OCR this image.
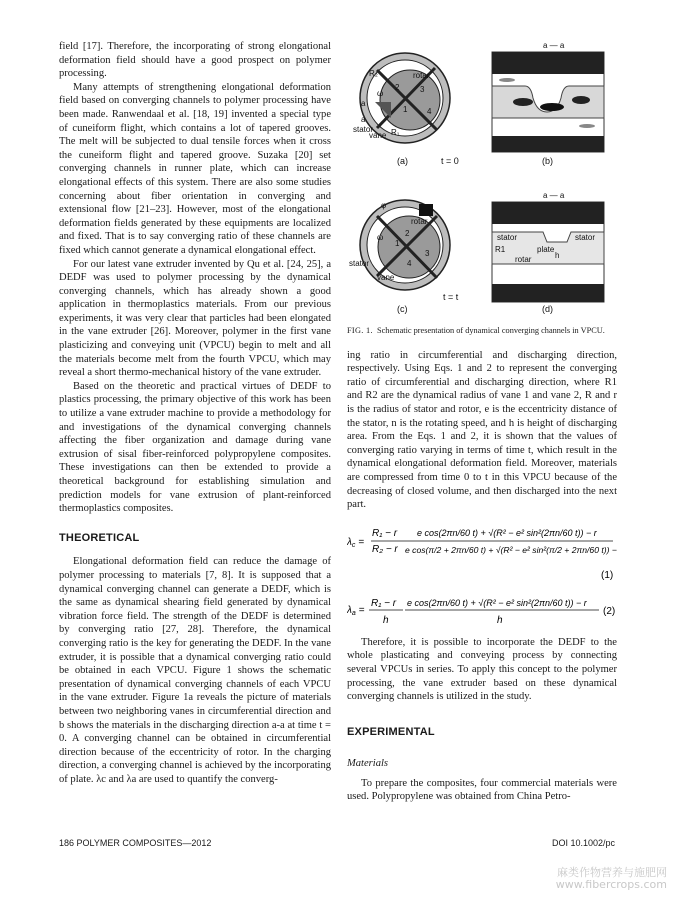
field [17]. Therefore, the incorporating of strong elongational deformation field should have a good prospect on polymer processing.

Many attempts of strengthening elongational deformation field based on converging channels to polymer processing have been made. Ranwendaal et al. [18, 19] invented a special type of cuneiform flight, which contains a lot of tapered grooves. The melt will be subjected to dual tensile forces when it cross the cuneiform flight and tapered groove. Suzaka [20] set converging channels in runner plate, which can increase elongational effects of this system. There are also some studies concerning about fiber orientation in converging and extensional flow [21–23]. However, most of the elongational deformation fields generated by these equipments are localized and fixed. That is to say converging ratio of these channels are fixed which cannot generate a dynamical elongational effect.

For our latest vane extruder invented by Qu et al. [24, 25], a DEDF was used to polymer processing by the dynamical converging channels, which has already shown a good application in thermoplastics materials. From our previous experiments, it was very clear that particles had been elongated in the vane extruder [26]. Moreover, polymer in the first vane plasticizing and conveying unit (VPCU) begin to melt and all the materials become melt from the fourth VPCU, which may reveal a short thermo-mechanical history of the vane extruder.

Based on the theoretic and practical virtues of DEDF to plastics processing, the primary objective of this work has been to utilize a vane extruder machine to provide a methodology for and investigations of the dynamical converging channels affecting the fiber organization and damage during vane extrusion of sisal fiber-reinforced polypropylene composites. These investigations can then be extended to provide a theoretical background for establishing simulation and prediction models for vane extrusion of plant-reinforced thermoplastics composites.

THEORETICAL

Elongational deformation field can reduce the damage of polymer processing to materials [7, 8]. It is supposed that a dynamical converging channel can generate a DEDF, which is the same as dynamical shearing field generated by dynamical vibration force field. The strength of the DEDF is determined by converging ratio [27, 28]. Therefore, the dynamical converging ratio is the key for generating the DEDF. In the vane extruder, it is possible that a dynamical converging ratio could be obtained in each VPCU. Figure 1 shows the schematic presentation of dynamical converging channels of each VPCU in the vane extruder. Figure 1a reveals the picture of materials between two neighboring vanes in circumferential direction and b shows the materials in the discharging direction a-a at time t = 0. A converging channel can be obtained in circumferential direction because of the eccentricity of rotor. In the charging direction, a converging channel is achieved by the incorporating of plate. λc and λa are used to quantify the converg-

2	3
1 4
rotar
R₂
ω
a
a
stator
vane R₁
(a)	t = 0
a — a
(b)
φ
rotar
ω
stator
vane
1
2
3
4
(c)
t = t
a — a
stator	stator
R1	plate
rotar	h
(d)
FIG. 1. Schematic presentation of dynamical converging channels in VPCU.

ing ratio in circumferential and discharging direction, respectively. Using Eqs. 1 and 2 to represent the converging ratio of circumferential and discharging direction, where R1 and R2 are the dynamical radius of vane 1 and vane 2, R and r is the radius of stator and rotor, e is the eccentricity distance of the stator, n is the rotating speed, and h is height of discharging area. From the Eqs. 1 and 2, it is shown that the values of converging ratio varying in terms of time t, which result in the dynamical elongational deformation field. Moreover, materials are compressed from time 0 to t in this VPCU because of the decreasing of closed volume, and then discharged into the next part.

$\lambda_c$ =
R₁ − r
R₂ − r
e cos(2πn/60 t) + √(R² − e² sin²(2πn/60 t)) − r
e cos(π/2 + 2πn/60 t) + √(R² − e² sin²(π/2 + 2πn/60 t)) − r
(1)
$\lambda_a$ =
R₁ − r
h
e cos(2πn/60 t) + √(R² − e² sin²(2πn/60 t)) − r
h
(2)

Therefore, it is possible to incorporate the DEDF to the whole plasticating and conveying process by connecting several VPCUs in series. To apply this concept to the polymer processing, the vane extruder based on these dynamical converging channels is utilized in the study.

EXPERIMENTAL

Materials

To prepare the composites, four commercial materials were used. Polypropylene was obtained from China Petro-

186 POLYMER COMPOSITES—2012	DOI 10.1002/pc
麻类作物营养与施肥网
www.fibercrops.com
